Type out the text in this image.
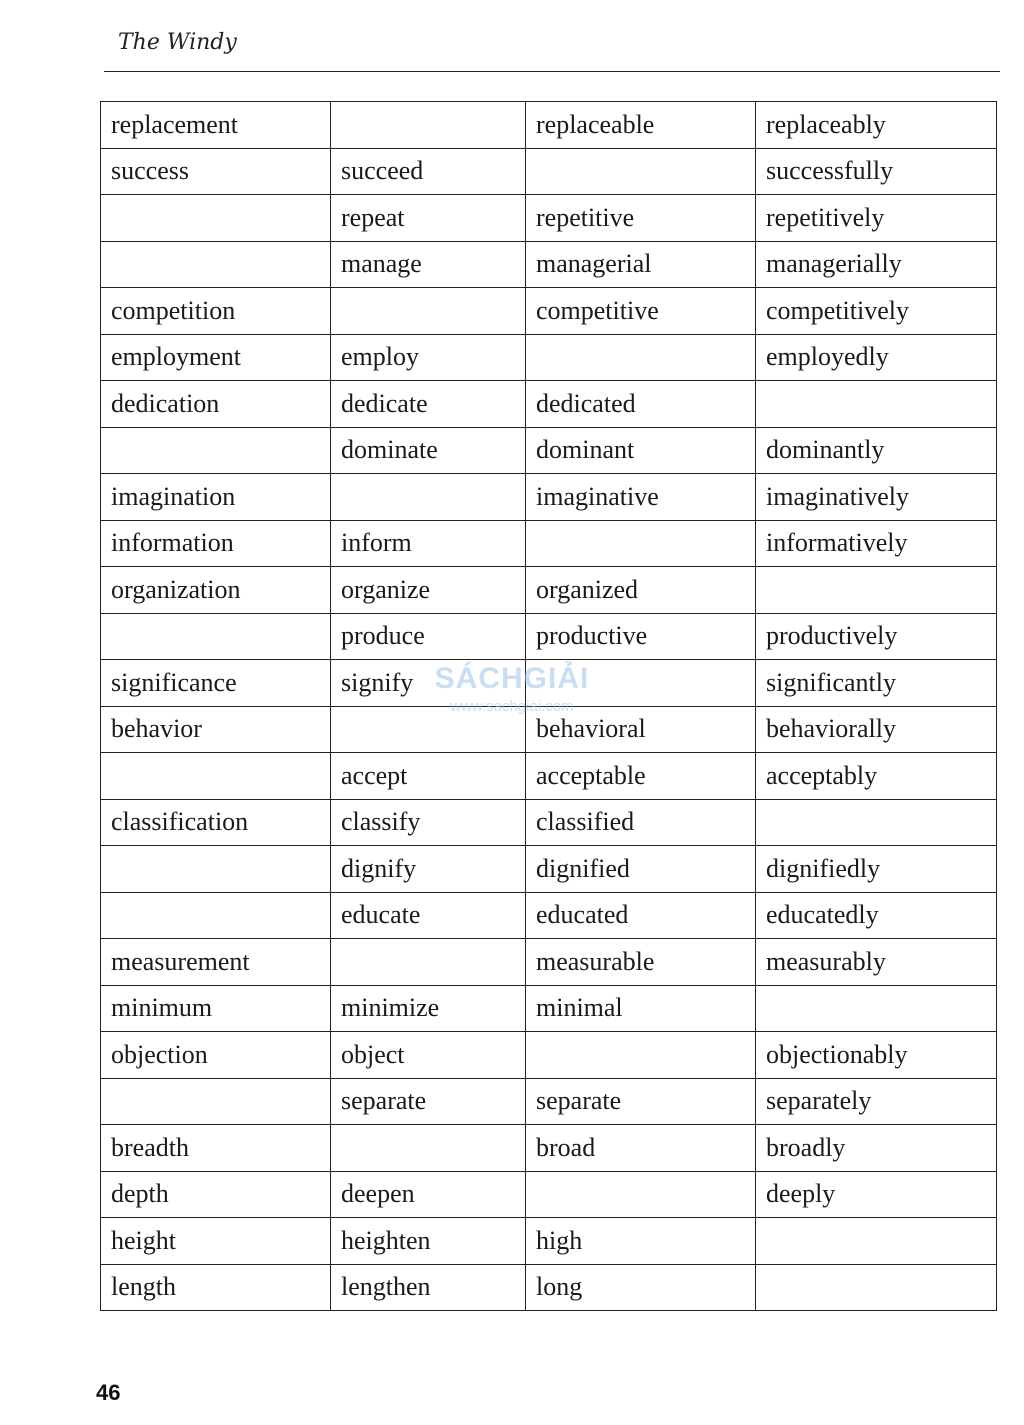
The Windy
replacement		replaceable	replaceably
success	succeed		successfully
	repeat	repetitive	repetitively
	manage	managerial	managerially
competition		competitive	competitively
employment	employ		employedly
dedication	dedicate	dedicated	
	dominate	dominant	dominantly
imagination		imaginative	imaginatively
information	inform		informatively
organization	organize	organized	
	produce	productive	productively
significance	signify		significantly
behavior		behavioral	behaviorally
	accept	acceptable	acceptably
classification	classify	classified	
	dignify	dignified	dignifiedly
	educate	educated	educatedly
measurement		measurable	measurably
minimum	minimize	minimal	
objection	object		objectionably
	separate	separate	separately
breadth		broad	broadly
depth	deepen		deeply
height	heighten	high	
length	lengthen	long	
SÁCHGIẢI
www.sachgiai.com
46
